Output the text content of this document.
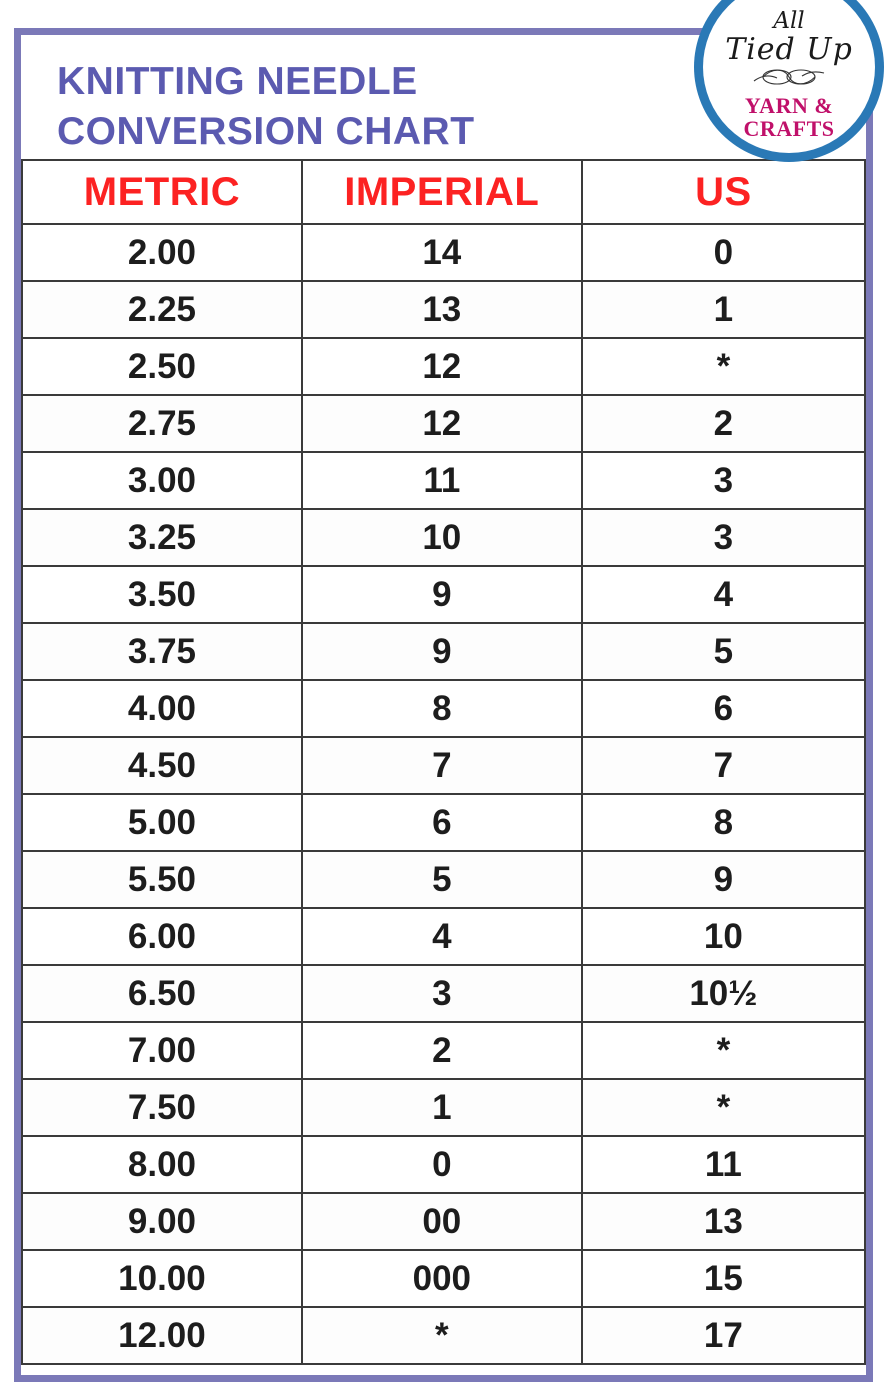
KNITTING NEEDLE
CONVERSION CHART
METRIC	IMPERIAL	US
2.00	14	0
2.25	13	1
2.50	12	*
2.75	12	2
3.00	11	3
3.25	10	3
3.50	9	4
3.75	9	5
4.00	8	6
4.50	7	7
5.00	6	8
5.50	5	9
6.00	4	10
6.50	3	10½
7.00	2	*
7.50	1	*
8.00	0	11
9.00	00	13
10.00	000	15
12.00	*	17
All
Tied Up
YARN &
CRAFTS
